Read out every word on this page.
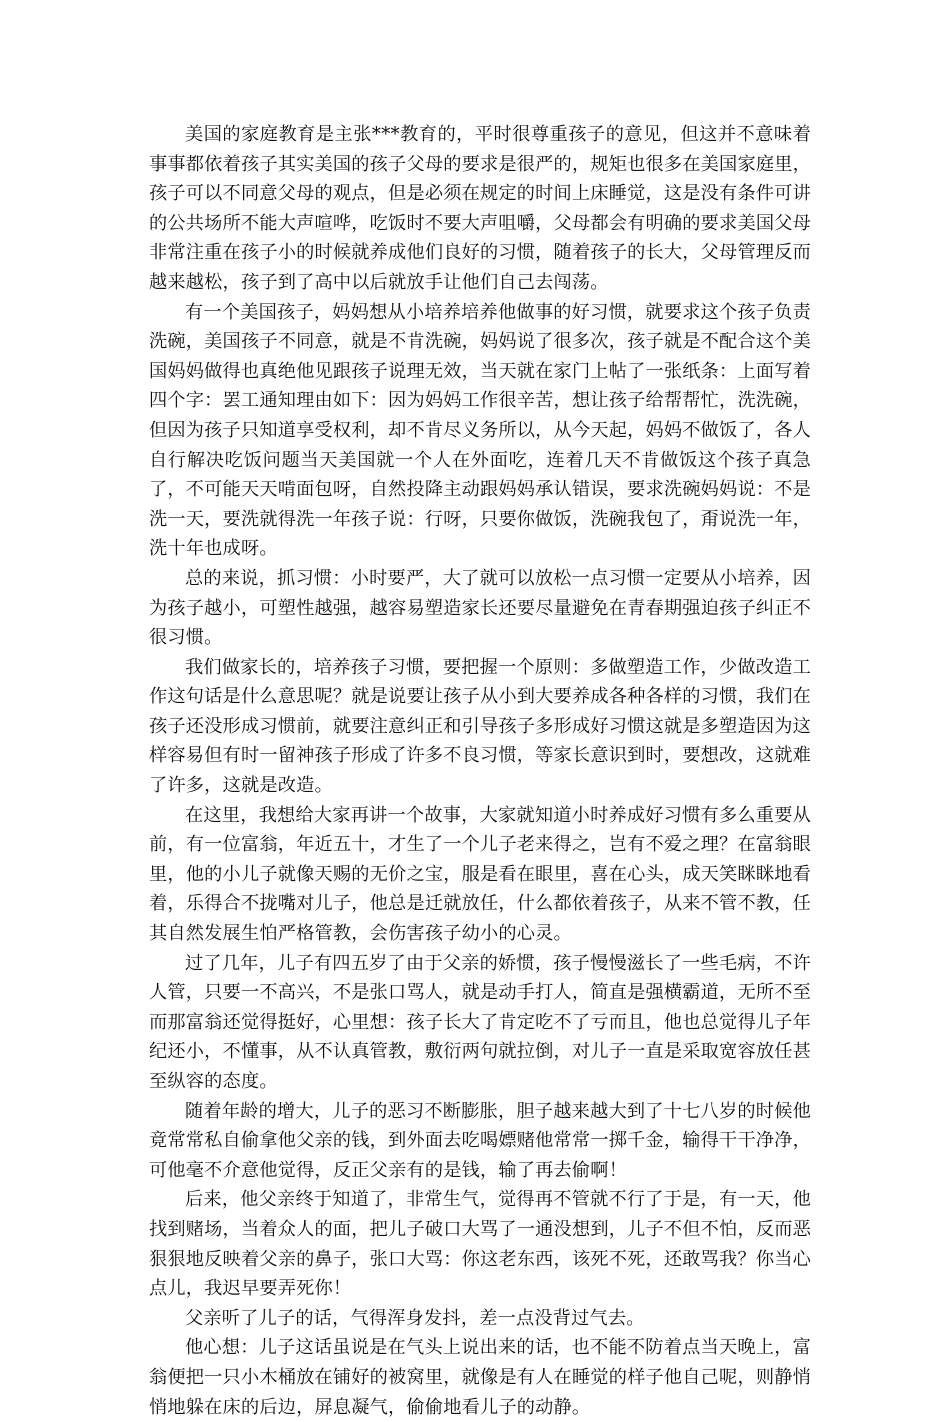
美国的家庭教育是主张***教育的，平时很尊重孩子的意见，但这并不意味着事事都依着孩子其实美国的孩子父母的要求是很严的，规矩也很多在美国家庭里，孩子可以不同意父母的观点，但是必须在规定的时间上床睡觉，这是没有条件可讲的公共场所不能大声喧哗，吃饭时不要大声咀嚼，父母都会有明确的要求美国父母非常注重在孩子小的时候就养成他们良好的习惯，随着孩子的长大，父母管理反而越来越松，孩子到了高中以后就放手让他们自己去闯荡。

有一个美国孩子，妈妈想从小培养培养他做事的好习惯，就要求这个孩子负责洗碗，美国孩子不同意，就是不肯洗碗，妈妈说了很多次，孩子就是不配合这个美国妈妈做得也真绝他见跟孩子说理无效，当天就在家门上帖了一张纸条：上面写着四个字：罢工通知理由如下：因为妈妈工作很辛苦，想让孩子给帮帮忙，洗洗碗，但因为孩子只知道享受权利，却不肯尽义务所以，从今天起，妈妈不做饭了，各人自行解决吃饭问题当天美国就一个人在外面吃，连着几天不肯做饭这个孩子真急了，不可能天天啃面包呀，自然投降主动跟妈妈承认错误，要求洗碗妈妈说：不是洗一天，要洗就得洗一年孩子说：行呀，只要你做饭，洗碗我包了，甭说洗一年，洗十年也成呀。

总的来说，抓习惯：小时要严，大了就可以放松一点习惯一定要从小培养，因为孩子越小，可塑性越强，越容易塑造家长还要尽量避免在青春期强迫孩子纠正不很习惯。

我们做家长的，培养孩子习惯，要把握一个原则：多做塑造工作，少做改造工作这句话是什么意思呢？就是说要让孩子从小到大要养成各种各样的习惯，我们在孩子还没形成习惯前，就要注意纠正和引导孩子多形成好习惯这就是多塑造因为这样容易但有时一留神孩子形成了许多不良习惯，等家长意识到时，要想改，这就难了许多，这就是改造。

在这里，我想给大家再讲一个故事，大家就知道小时养成好习惯有多么重要从前，有一位富翁，年近五十，才生了一个儿子老来得之，岂有不爱之理？在富翁眼里，他的小儿子就像天赐的无价之宝，服是看在眼里，喜在心头，成天笑眯眯地看着，乐得合不拢嘴对儿子，他总是迁就放任，什么都依着孩子，从来不管不教，任其自然发展生怕严格管教，会伤害孩子幼小的心灵。

过了几年，儿子有四五岁了由于父亲的娇惯，孩子慢慢滋长了一些毛病，不许人管，只要一不高兴，不是张口骂人，就是动手打人，简直是强横霸道，无所不至而那富翁还觉得挺好，心里想：孩子长大了肯定吃不了亏而且，他也总觉得儿子年纪还小，不懂事，从不认真管教，敷衍两句就拉倒，对儿子一直是采取宽容放任甚至纵容的态度。

随着年龄的增大，儿子的恶习不断膨胀，胆子越来越大到了十七八岁的时候他竟常常私自偷拿他父亲的钱，到外面去吃喝嫖赌他常常一掷千金，输得干干净净，可他毫不介意他觉得，反正父亲有的是钱，输了再去偷啊！

后来，他父亲终于知道了，非常生气，觉得再不管就不行了于是，有一天，他找到赌场，当着众人的面，把儿子破口大骂了一通没想到，儿子不但不怕，反而恶狠狠地反映着父亲的鼻子，张口大骂：你这老东西，该死不死，还敢骂我？你当心点儿，我迟早要弄死你！

父亲听了儿子的话，气得浑身发抖，差一点没背过气去。

他心想：儿子这话虽说是在气头上说出来的话，也不能不防着点当天晚上，富翁便把一只小木桶放在铺好的被窝里，就像是有人在睡觉的样子他自己呢，则静悄悄地躲在床的后边，屏息凝气，偷偷地看儿子的动静。
